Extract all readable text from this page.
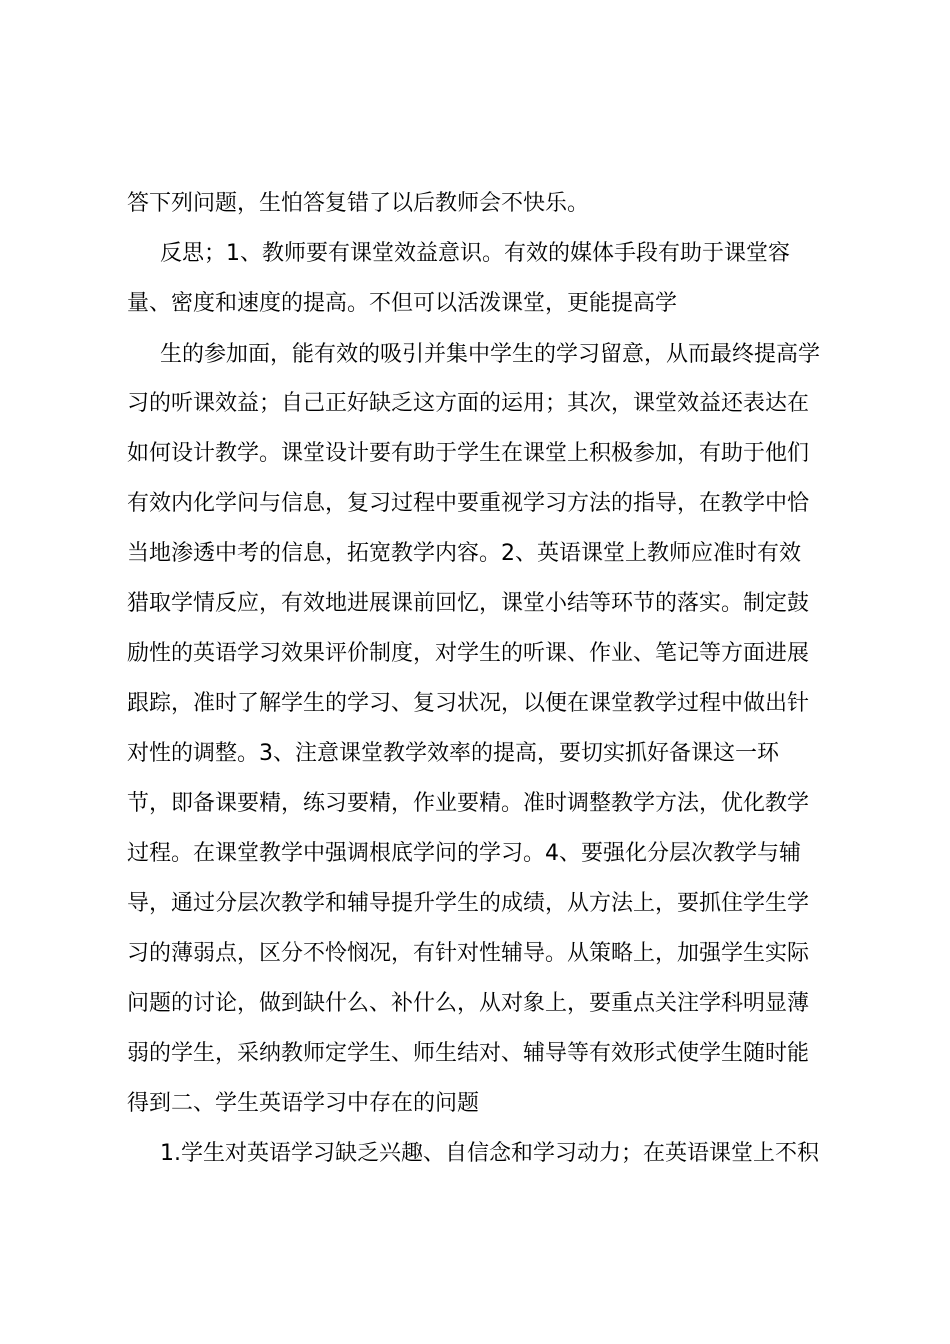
答下列问题，生怕答复错了以后教师会不快乐。
反思；1、教师要有课堂效益意识。有效的媒体手段有助于课堂容
量、密度和速度的提高。不但可以活泼课堂，更能提高学
生的参加面，能有效的吸引并集中学生的学习留意，从而最终提高学
习的听课效益；自己正好缺乏这方面的运用；其次，课堂效益还表达在
如何设计教学。课堂设计要有助于学生在课堂上积极参加，有助于他们
有效内化学问与信息，复习过程中要重视学习方法的指导，在教学中恰
当地渗透中考的信息，拓宽教学内容。2、英语课堂上教师应准时有效
猎取学情反应，有效地进展课前回忆，课堂小结等环节的落实。制定鼓
励性的英语学习效果评价制度，对学生的听课、作业、笔记等方面进展
跟踪，准时了解学生的学习、复习状况，以便在课堂教学过程中做出针
对性的调整。3、注意课堂教学效率的提高，要切实抓好备课这一环
节，即备课要精，练习要精，作业要精。准时调整教学方法，优化教学
过程。在课堂教学中强调根底学问的学习。4、要强化分层次教学与辅
导，通过分层次教学和辅导提升学生的成绩，从方法上，要抓住学生学
习的薄弱点，区分不怜悯况，有针对性辅导。从策略上，加强学生实际
问题的讨论，做到缺什么、补什么，从对象上，要重点关注学科明显薄
弱的学生，采纳教师定学生、师生结对、辅导等有效形式使学生随时能
得到二、学生英语学习中存在的问题
1.学生对英语学习缺乏兴趣、自信念和学习动力；在英语课堂上不积
